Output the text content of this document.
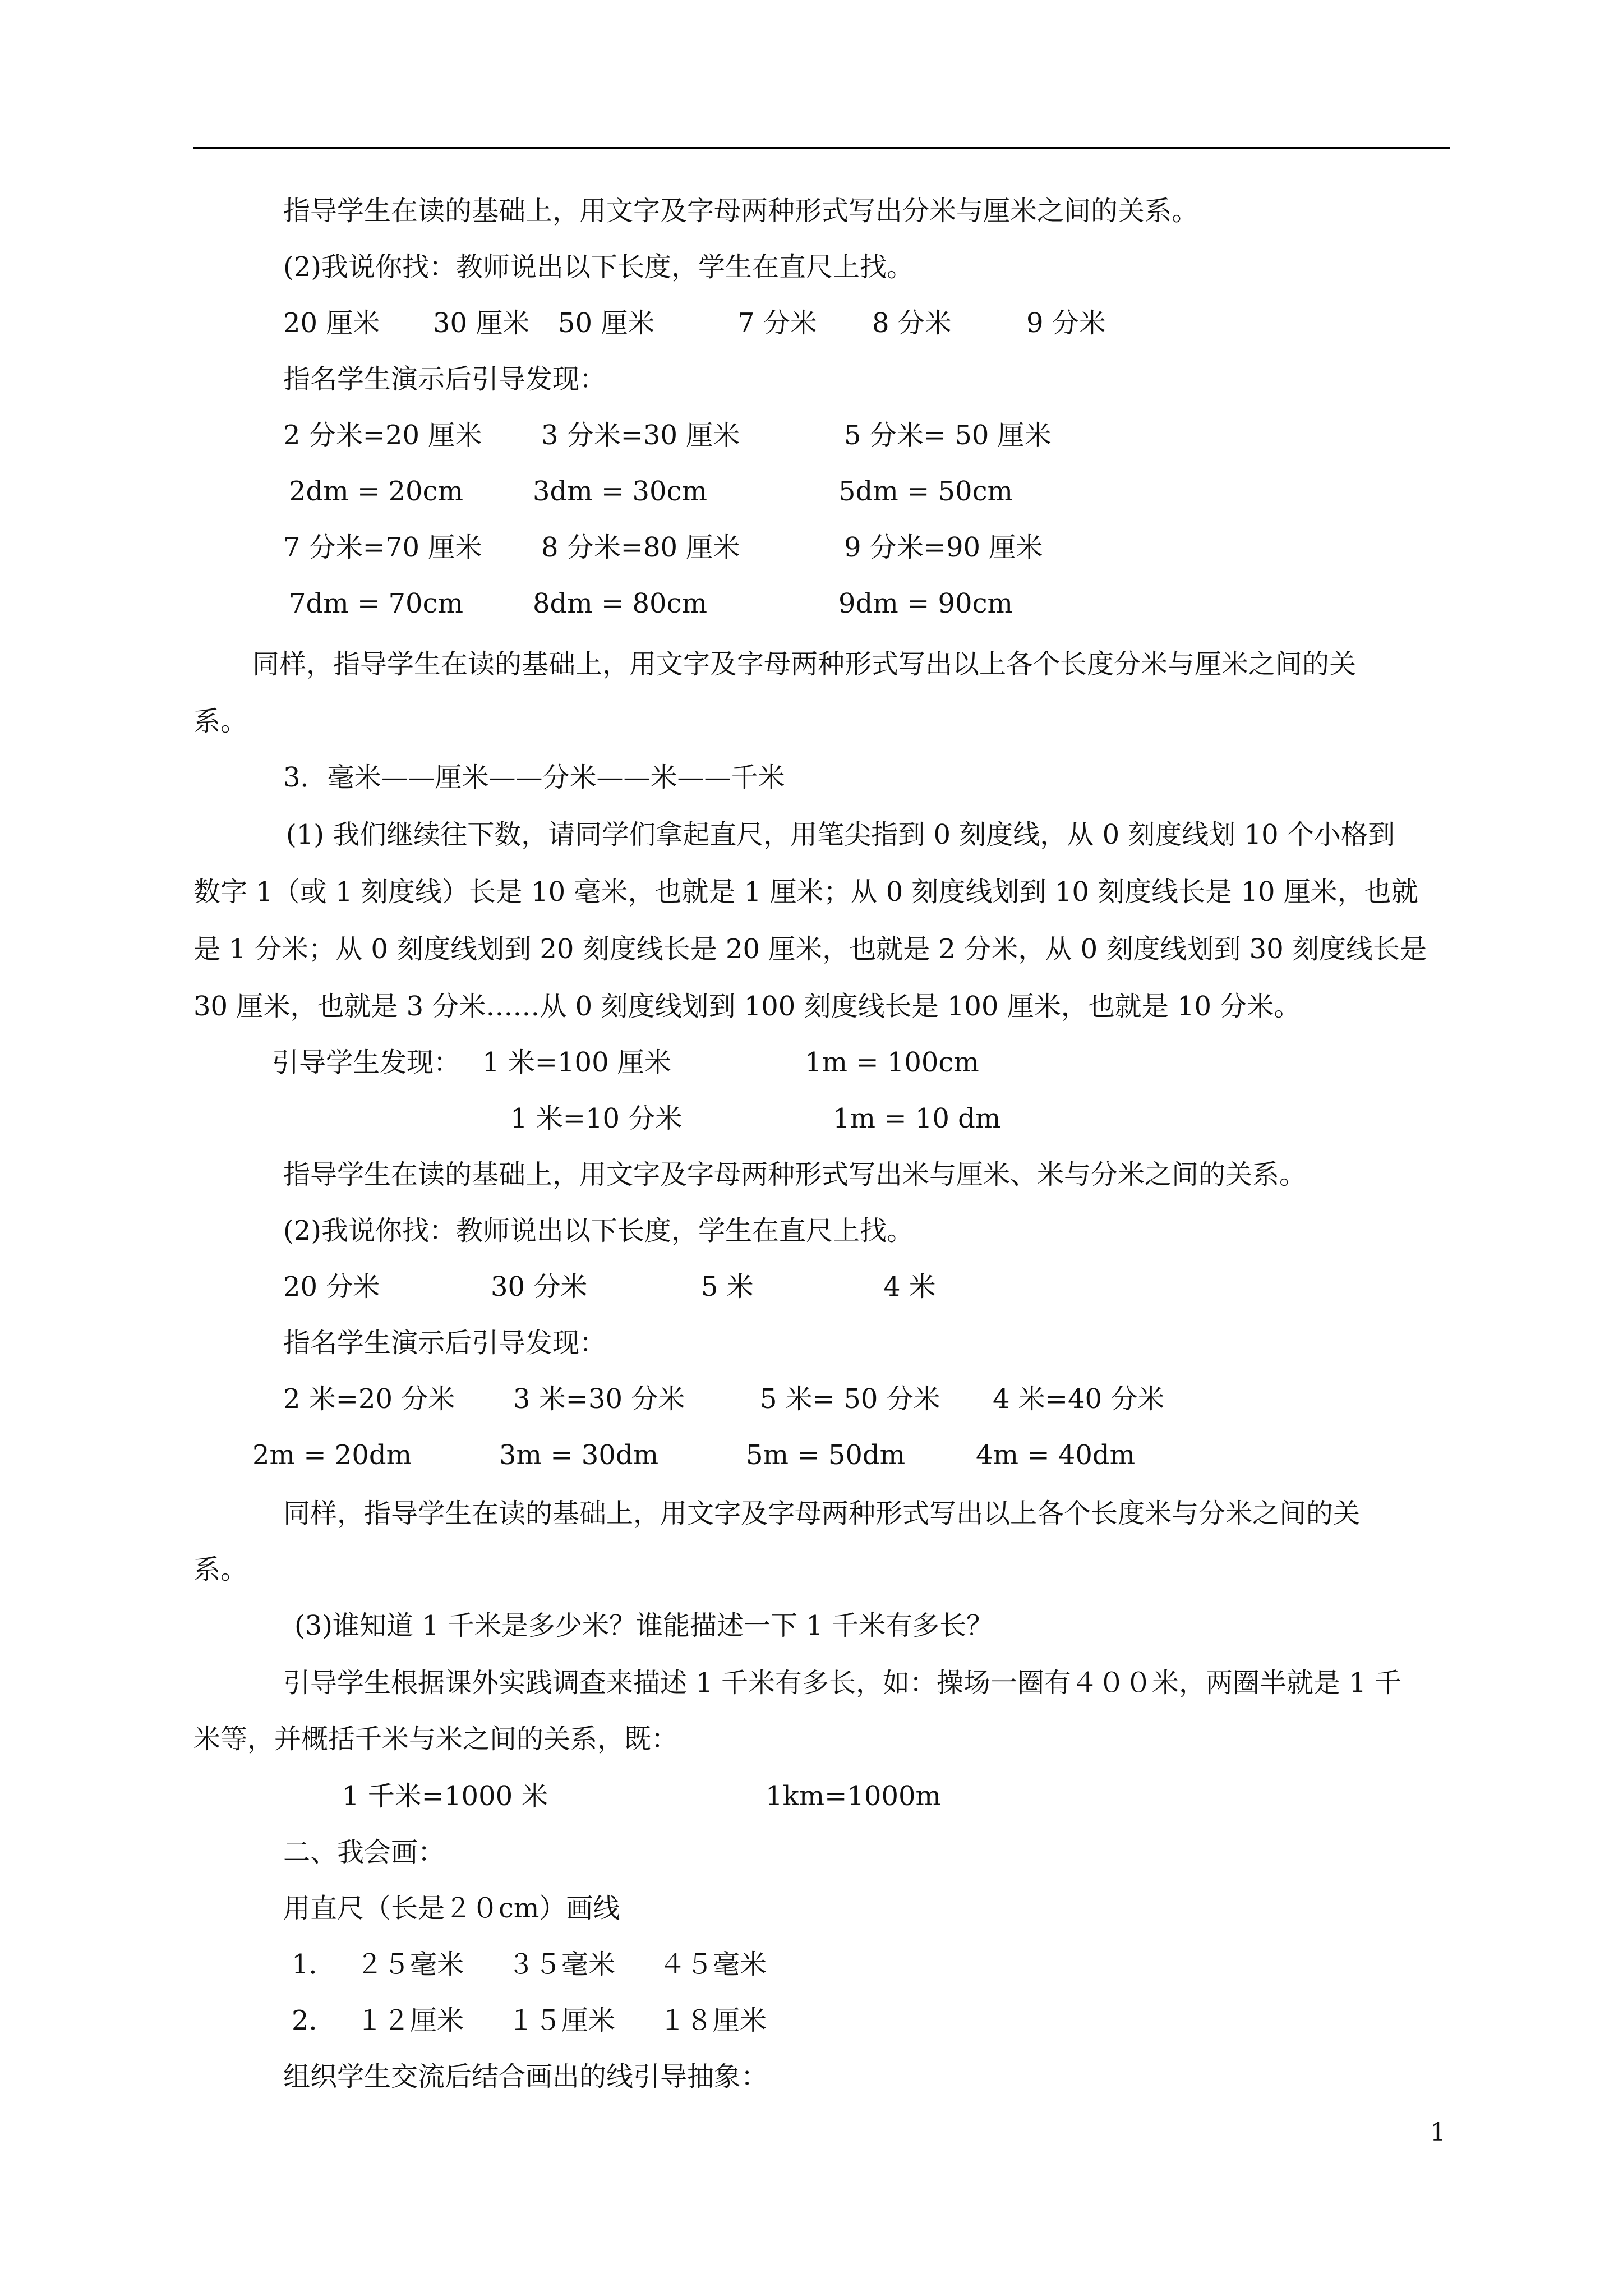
指导学生在读的基础上，用文字及字母两种形式写出分米与厘米之间的关系。
(2)我说你找：教师说出以下长度，学生在直尺上找。
20 厘米 30 厘米 50 厘米	7 分米 8 分米	9 分米
指名学生演示后引导发现：
2 分米=20 厘米 3 分米=30 厘米	5 分米= 50 厘米
2dm = 20cm	3dm = 30cm	5dm = 50cm
7 分米=70 厘米 8 分米=80 厘米	9 分米=90 厘米
7dm = 70cm	8dm = 80cm	9dm = 90cm
同样，指导学生在读的基础上，用文字及字母两种形式写出以上各个长度分米与厘米之间的关
系。
3．毫米——厘米——分米——米——千米
(1) 我们继续往下数，请同学们拿起直尺，用笔尖指到 0 刻度线，从 0 刻度线划 10 个小格到
数字 1（或 1 刻度线）长是 10 毫米，也就是 1 厘米；从 0 刻度线划到 10 刻度线长是 10 厘米，也就
是 1 分米；从 0 刻度线划到 20 刻度线长是 20 厘米，也就是 2 分米，从 0 刻度线划到 30 刻度线长是
30 厘米，也就是 3 分米……从 0 刻度线划到 100 刻度线长是 100 厘米，也就是 10 分米。
引导学生发现： 1 米=100 厘米	1m = 100cm
1 米=10 分米	1m = 10 dm
指导学生在读的基础上，用文字及字母两种形式写出米与厘米、米与分米之间的关系。
(2)我说你找：教师说出以下长度，学生在直尺上找。
20 分米	30 分米	5 米	4 米
指名学生演示后引导发现：
2 米=20 分米 3 米=30 分米	5 米= 50 分米 4 米=40 分米
2m = 20dm	3m = 30dm	5m = 50dm	4m = 40dm
同样，指导学生在读的基础上，用文字及字母两种形式写出以上各个长度米与分米之间的关
系。
(3)谁知道 1 千米是多少米？谁能描述一下 1 千米有多长？
引导学生根据课外实践调查来描述 1 千米有多长，如：操场一圈有４００米，两圈半就是 1 千
米等，并概括千米与米之间的关系，既：
1 千米=1000 米	1km=1000m
二、我会画：
用直尺（长是２０cm）画线
1． ２５毫米 ３５毫米 ４５毫米
2． １２厘米 １５厘米 １８厘米
组织学生交流后结合画出的线引导抽象：
1
